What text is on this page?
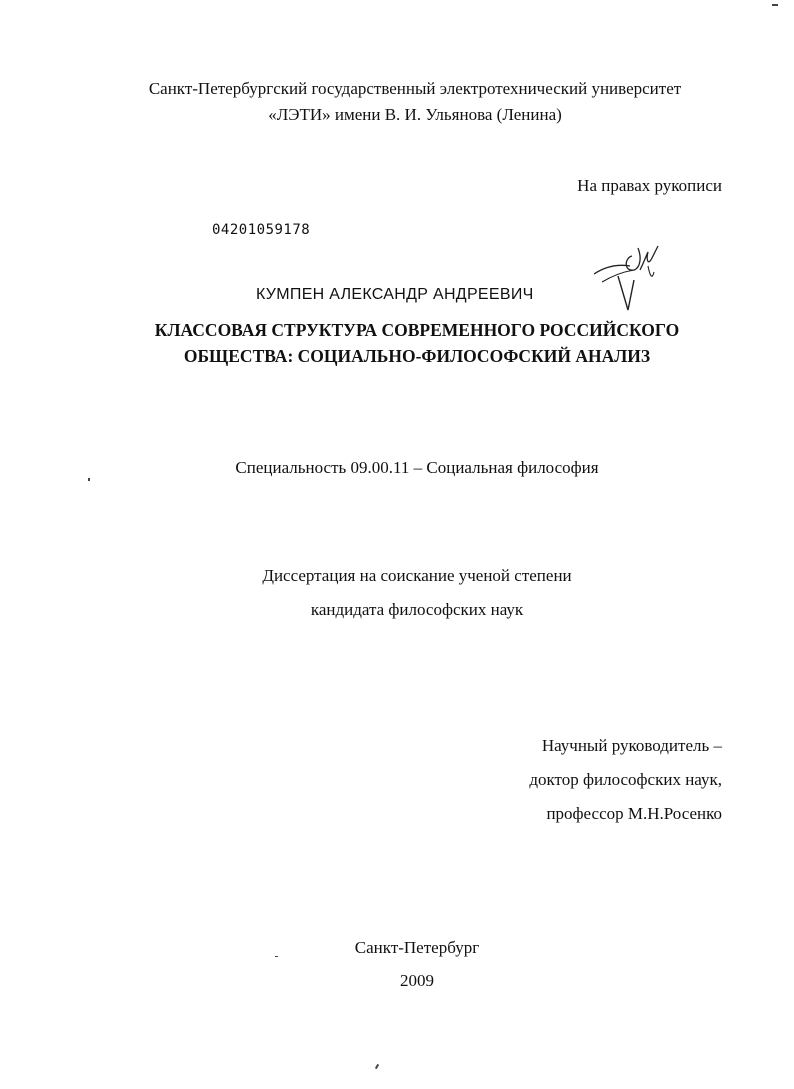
Санкт-Петербургский государственный электротехнический университет
«ЛЭТИ» имени В. И. Ульянова (Ленина)
На правах рукописи
04201059178
КУМПЕН АЛЕКСАНДР АНДРЕЕВИЧ
КЛАССОВАЯ СТРУКТУРА СОВРЕМЕННОГО РОССИЙСКОГО
ОБЩЕСТВА: СОЦИАЛЬНО-ФИЛОСОФСКИЙ АНАЛИЗ
Специальность 09.00.11 – Социальная философия
Диссертация на соискание ученой степени
кандидата философских наук
Научный руководитель –
доктор философских наук,
профессор М.Н.Росенко
Санкт-Петербург
2009
